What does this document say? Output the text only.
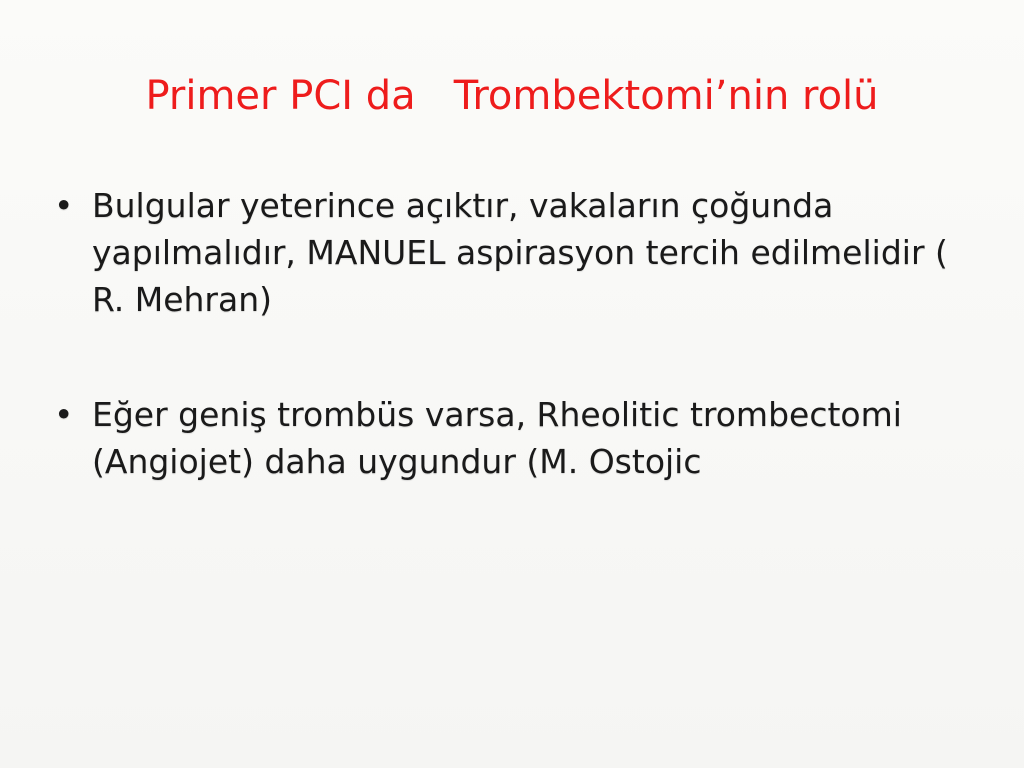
Primer PCI da   Trombektomi’nin rolü
• Bulgular yeterince açıktır, vakaların çoğunda yapılmalıdır, MANUEL aspirasyon tercih edilmelidir ( R. Mehran)
• Eğer geniş trombüs varsa, Rheolitic trombectomi (Angiojet) daha uygundur (M. Ostojic
